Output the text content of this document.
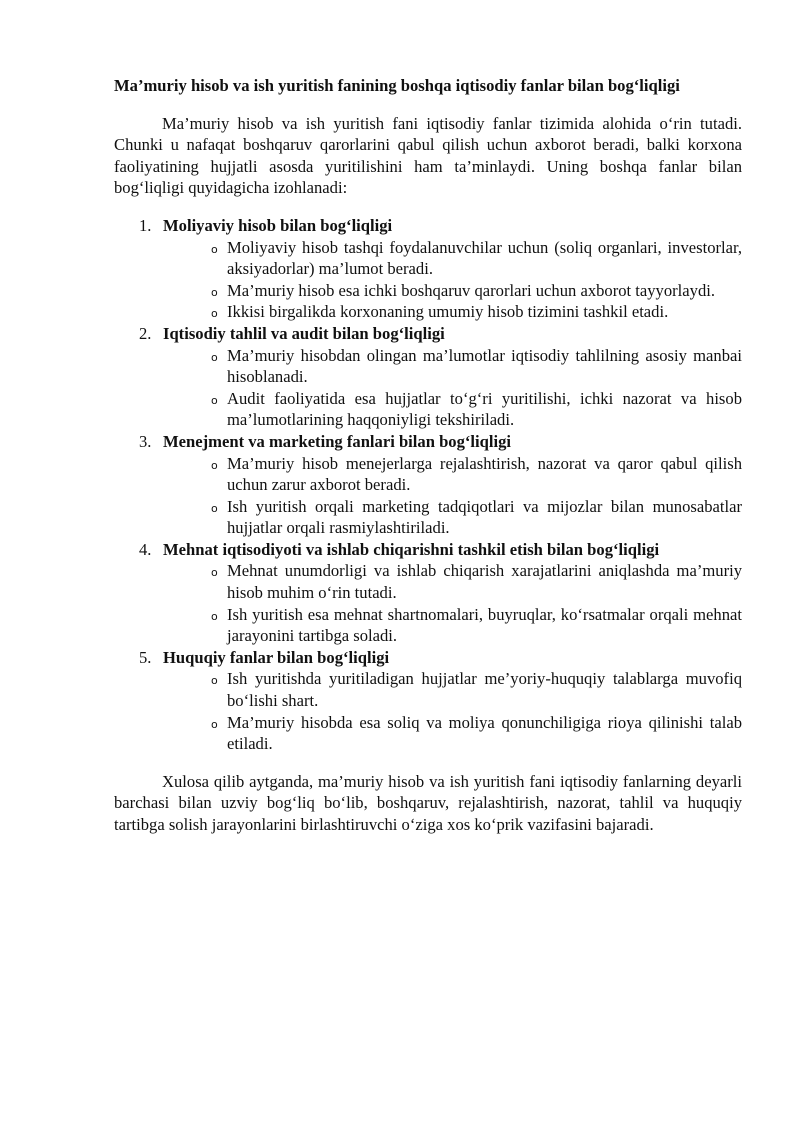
Ma’muriy hisob va ish yuritish fanining boshqa iqtisodiy fanlar bilan bog‘liqligi
Ma’muriy hisob va ish yuritish fani iqtisodiy fanlar tizimida alohida o‘rin tutadi. Chunki u nafaqat boshqaruv qarorlarini qabul qilish uchun axborot beradi, balki korxona faoliyatining hujjatli asosda yuritilishini ham ta’minlaydi. Uning boshqa fanlar bilan bog‘liqligi quyidagicha izohlanadi:
1. Moliyaviy hisob bilan bog‘liqligi
o Moliyaviy hisob tashqi foydalanuvchilar uchun (soliq organlari, investorlar, aksiyadorlar) ma’lumot beradi.
o Ma’muriy hisob esa ichki boshqaruv qarorlari uchun axborot tayyorlaydi.
o Ikkisi birgalikda korxonaning umumiy hisob tizimini tashkil etadi.
2. Iqtisodiy tahlil va audit bilan bog‘liqligi
o Ma’muriy hisobdan olingan ma’lumotlar iqtisodiy tahlilning asosiy manbai hisoblanadi.
o Audit faoliyatida esa hujjatlar to‘g‘ri yuritilishi, ichki nazorat va hisob ma’lumotlarining haqqoniyligi tekshiriladi.
3. Menejment va marketing fanlari bilan bog‘liqligi
o Ma’muriy hisob menejerlarga rejalashtirish, nazorat va qaror qabul qilish uchun zarur axborot beradi.
o Ish yuritish orqali marketing tadqiqotlari va mijozlar bilan munosabatlar hujjatlar orqali rasmiylashtiriladi.
4. Mehnat iqtisodiyoti va ishlab chiqarishni tashkil etish bilan bog‘liqligi
o Mehnat unumdorligi va ishlab chiqarish xarajatlarini aniqlashda ma’muriy hisob muhim o‘rin tutadi.
o Ish yuritish esa mehnat shartnomalari, buyruqlar, ko‘rsatmalar orqali mehnat jarayonini tartibga soladi.
5. Huquqiy fanlar bilan bog‘liqligi
o Ish yuritishda yuritiladigan hujjatlar me’yoriy-huquqiy talablarga muvofiq bo‘lishi shart.
o Ma’muriy hisobda esa soliq va moliya qonunchiligiga rioya qilinishi talab etiladi.
Xulosa qilib aytganda, ma’muriy hisob va ish yuritish fani iqtisodiy fanlarning deyarli barchasi bilan uzviy bog‘liq bo‘lib, boshqaruv, rejalashtirish, nazorat, tahlil va huquqiy tartibga solish jarayonlarini birlashtiruvchi o‘ziga xos ko‘prik vazifasini bajaradi.
